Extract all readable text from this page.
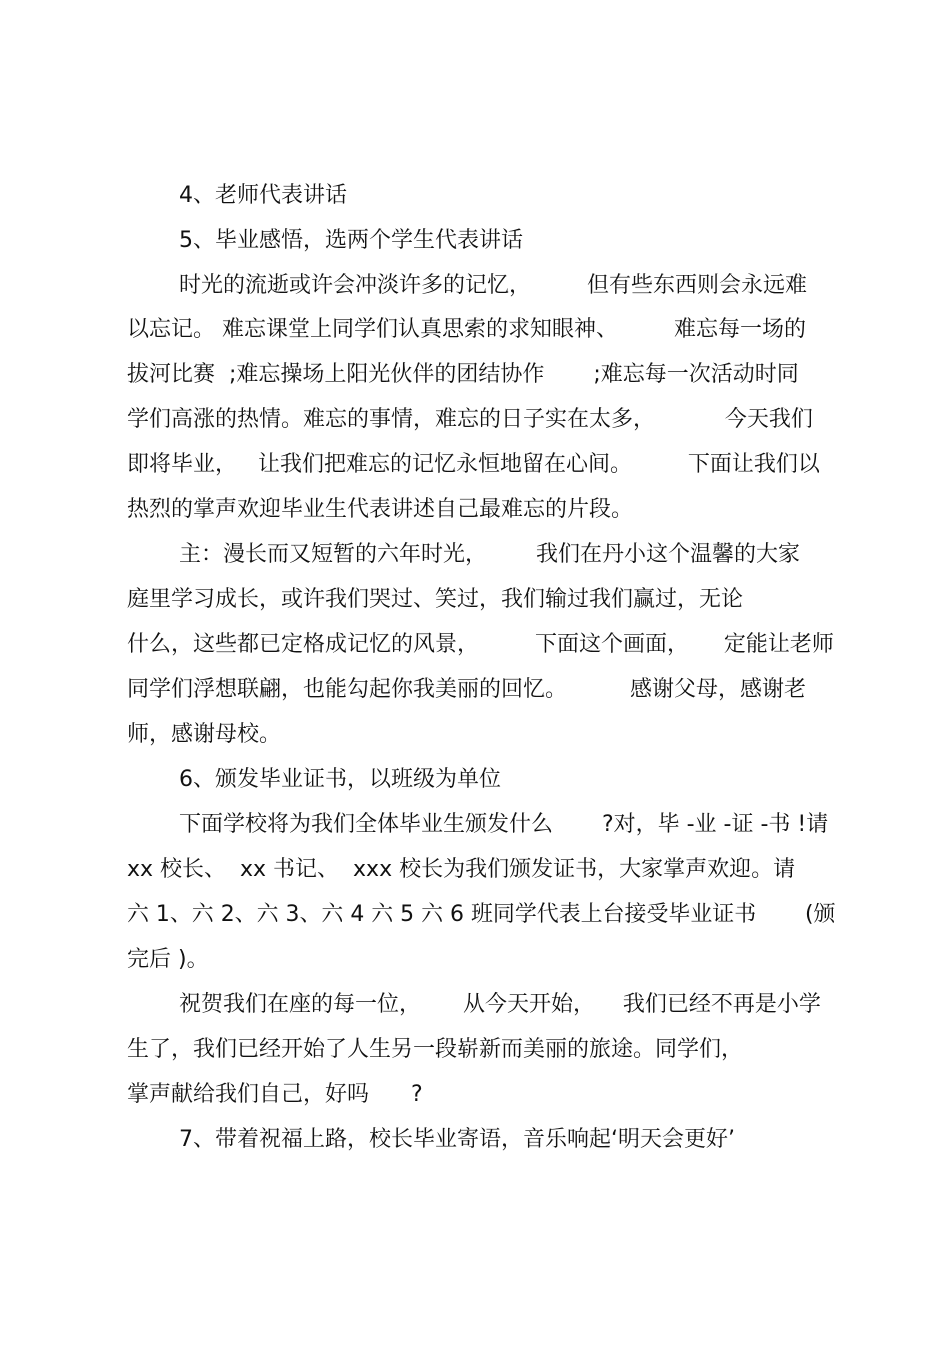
4、老师代表讲话
5、毕业感悟，选两个学生代表讲话
时光的流逝或许会冲淡许多的记忆，        但有些东西则会永远难
以忘记。 难忘课堂上同学们认真思索的求知眼神、        难忘每一场的
拔河比赛  ;难忘操场上阳光伙伴的团结协作       ;难忘每一次活动时同
学们高涨的热情。难忘的事情，难忘的日子实在太多，          今天我们
即将毕业，   让我们把难忘的记忆永恒地留在心间。        下面让我们以
热烈的掌声欢迎毕业生代表讲述自己最难忘的片段。
主：漫长而又短暂的六年时光，       我们在丹小这个温馨的大家
庭里学习成长，或许我们哭过、笑过，我们输过我们赢过，无论
什么，这些都已定格成记忆的风景，        下面这个画面，     定能让老师
同学们浮想联翩，也能勾起你我美丽的回忆。         感谢父母，感谢老
师，感谢母校。
6、颁发毕业证书，以班级为单位
下面学校将为我们全体毕业生颁发什么       ?对，毕 -业 -证 -书 !请
xx 校长、  xx 书记、  xxx 校长为我们颁发证书，大家掌声欢迎。请
六 1、六 2、六 3、六 4 六 5 六 6 班同学代表上台接受毕业证书       (颁
完后 )。
祝贺我们在座的每一位，      从今天开始，    我们已经不再是小学
生了，我们已经开始了人生另一段崭新而美丽的旅途。同学们，
掌声献给我们自己，好吗      ?
7、带着祝福上路，校长毕业寄语，音乐响起‘明天会更好’
